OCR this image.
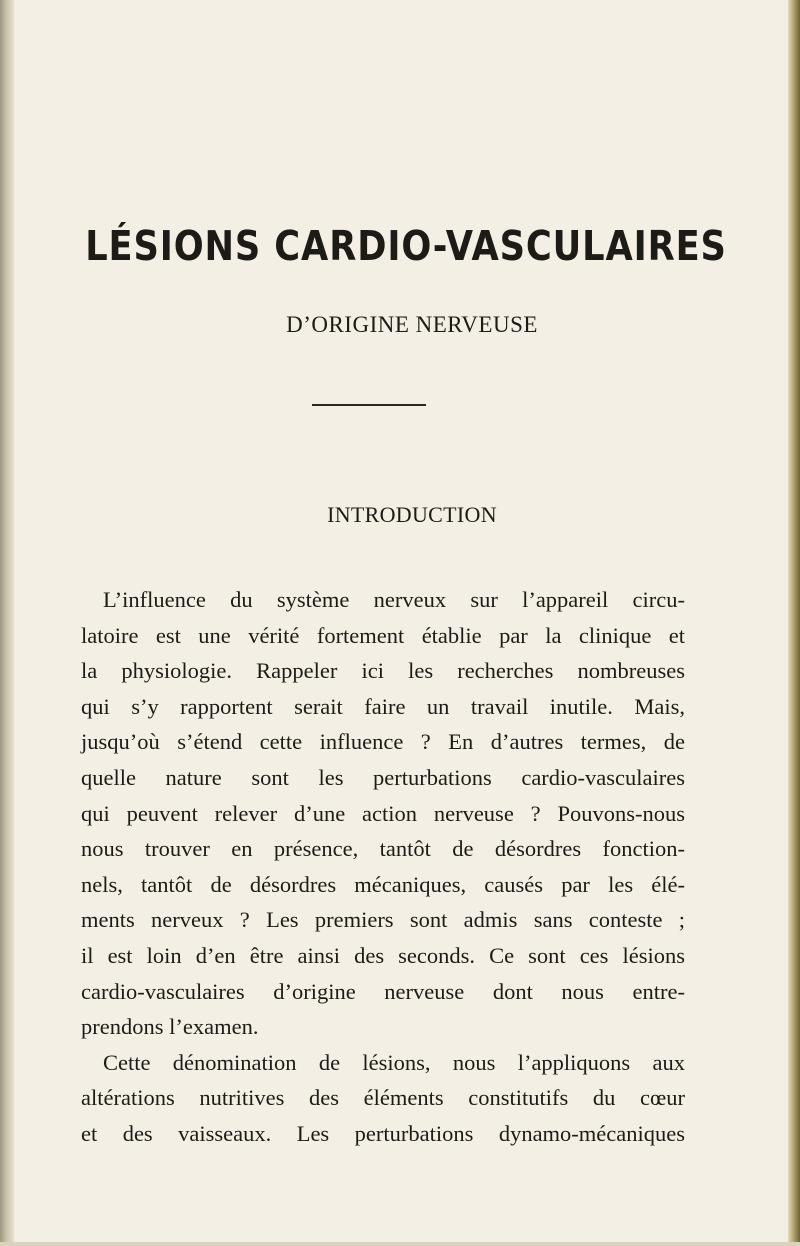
LÉSIONS CARDIO-VASCULAIRES
D’ORIGINE NERVEUSE
INTRODUCTION
L’influence du système nerveux sur l’appareil circu-
latoire est une vérité fortement établie par la clinique et
la physiologie. Rappeler ici les recherches nombreuses
qui s’y rapportent serait faire un travail inutile. Mais,
jusqu’où s’étend cette influence ? En d’autres termes, de
quelle nature sont les perturbations cardio-vasculaires
qui peuvent relever d’une action nerveuse ? Pouvons-nous
nous trouver en présence, tantôt de désordres fonction-
nels, tantôt de désordres mécaniques, causés par les élé-
ments nerveux ? Les premiers sont admis sans conteste ;
il est loin d’en être ainsi des seconds. Ce sont ces lésions
cardio-vasculaires d’origine nerveuse dont nous entre-
prendons l’examen.
Cette dénomination de lésions, nous l’appliquons aux
altérations nutritives des éléments constitutifs du cœur
et des vaisseaux. Les perturbations dynamo-mécaniques
